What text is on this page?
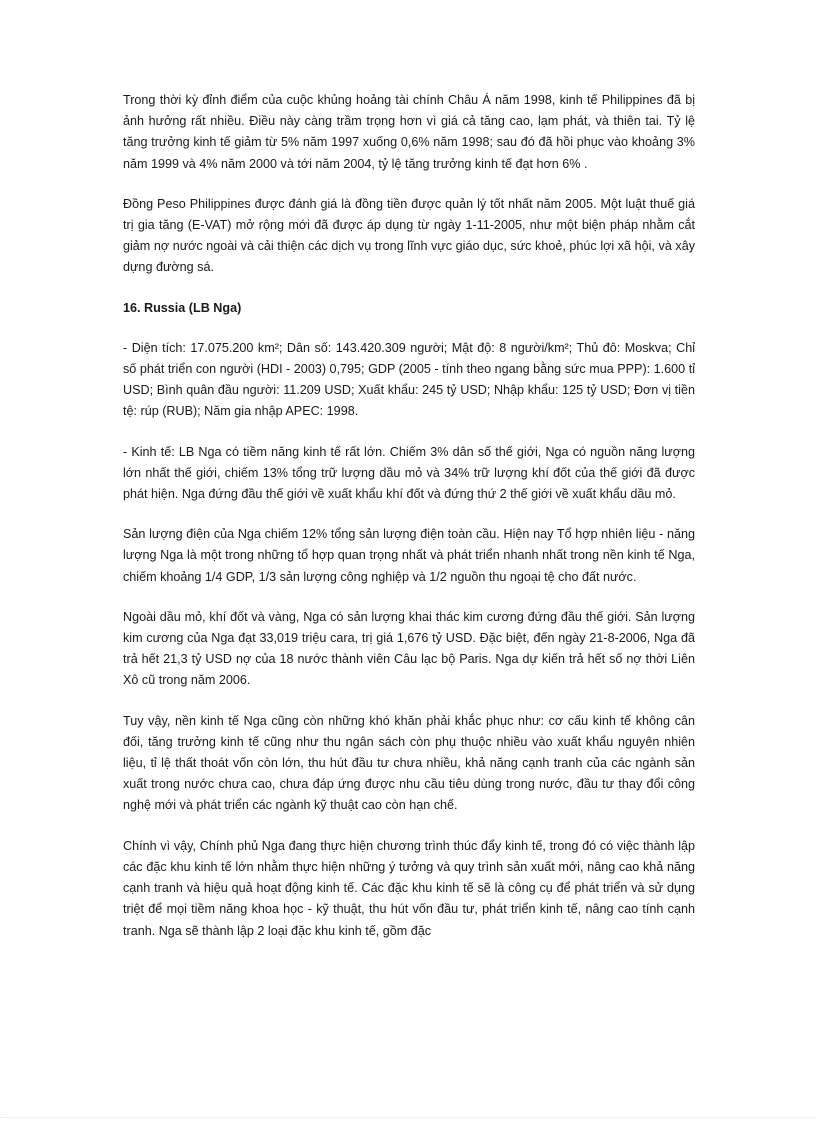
Trong thời kỳ đỉnh điểm của cuộc khủng hoảng tài chính Châu Á năm 1998, kinh tế Philippines đã bị ảnh hưởng rất nhiều. Điều này càng trầm trọng hơn vì giá cả tăng cao, lạm phát, và thiên tai. Tỷ lệ tăng trưởng kinh tế giảm từ 5% năm 1997 xuống 0,6% năm 1998; sau đó đã hồi phục vào khoảng 3% năm 1999 và 4% năm 2000 và tới năm 2004, tỷ lệ tăng trưởng kinh tế đạt hơn 6% .

Đồng Peso Philippines được đánh giá là đồng tiền được quản lý tốt nhất năm 2005. Một luật thuế giá trị gia tăng (E-VAT) mở rộng mới đã được áp dụng từ ngày 1-11-2005, như một biện pháp nhằm cắt giảm nợ nước ngoài và cải thiện các dịch vụ trong lĩnh vực giáo dục, sức khoẻ, phúc lợi xã hội, và xây dựng đường sá.

16. Russia (LB Nga)

- Diện tích: 17.075.200 km²; Dân số: 143.420.309 người; Mật độ: 8 người/km²; Thủ đô: Moskva; Chỉ số phát triển con người (HDI - 2003) 0,795; GDP (2005 - tính theo ngang bằng sức mua PPP): 1.600 tỉ USD; Bình quân đầu người: 11.209 USD; Xuất khẩu: 245 tỷ USD; Nhập khẩu: 125 tỷ USD; Đơn vị tiền tệ: rúp (RUB); Năm gia nhập APEC: 1998.

- Kinh tế: LB Nga có tiềm năng kinh tế rất lớn. Chiếm 3% dân số thế giới, Nga có nguồn năng lượng lớn nhất thế giới, chiếm 13% tổng trữ lượng dầu mỏ và 34% trữ lượng khí đốt của thế giới đã được phát hiện. Nga đứng đầu thế giới về xuất khẩu khí đốt và đứng thứ 2 thế giới về xuất khẩu dầu mỏ.

Sản lượng điện của Nga chiếm 12% tổng sản lượng điện toàn cầu. Hiện nay Tổ hợp nhiên liệu - năng lượng Nga là một trong những tổ hợp quan trọng nhất và phát triển nhanh nhất trong nền kinh tế Nga, chiếm khoảng 1/4 GDP, 1/3 sản lượng công nghiệp và 1/2 nguồn thu ngoại tệ cho đất nước.

Ngoài dầu mỏ, khí đốt và vàng, Nga có sản lượng khai thác kim cương đứng đầu thế giới. Sản lượng kim cương của Nga đạt 33,019 triệu cara, trị giá 1,676 tỷ USD. Đặc biệt, đến ngày 21-8-2006, Nga đã trả hết 21,3 tỷ USD nợ của 18 nước thành viên Câu lạc bộ Paris. Nga dự kiến trả hết số nợ thời Liên Xô cũ trong năm 2006.

Tuy vậy, nền kinh tế Nga cũng còn những khó khăn phải khắc phục như: cơ cấu kinh tế không cân đối, tăng trưởng kinh tế cũng như thu ngân sách còn phụ thuộc nhiều vào xuất khẩu nguyên nhiên liệu, tỉ lệ thất thoát vốn còn lớn, thu hút đầu tư chưa nhiều, khả năng cạnh tranh của các ngành sản xuất trong nước chưa cao, chưa đáp ứng được nhu cầu tiêu dùng trong nước, đầu tư thay đổi công nghệ mới và phát triển các ngành kỹ thuật cao còn hạn chế.

Chính vì vậy, Chính phủ Nga đang thực hiện chương trình thúc đẩy kinh tế, trong đó có việc thành lập các đặc khu kinh tế lớn nhằm thực hiện những ý tưởng và quy trình sản xuất mới, nâng cao khả năng cạnh tranh và hiệu quả hoạt động kinh tế. Các đặc khu kinh tế sẽ là công cụ để phát triển và sử dụng triệt để mọi tiềm năng khoa học - kỹ thuật, thu hút vốn đầu tư, phát triển kinh tế, nâng cao tính cạnh tranh. Nga sẽ thành lập 2 loại đặc khu kinh tế, gồm đặc
